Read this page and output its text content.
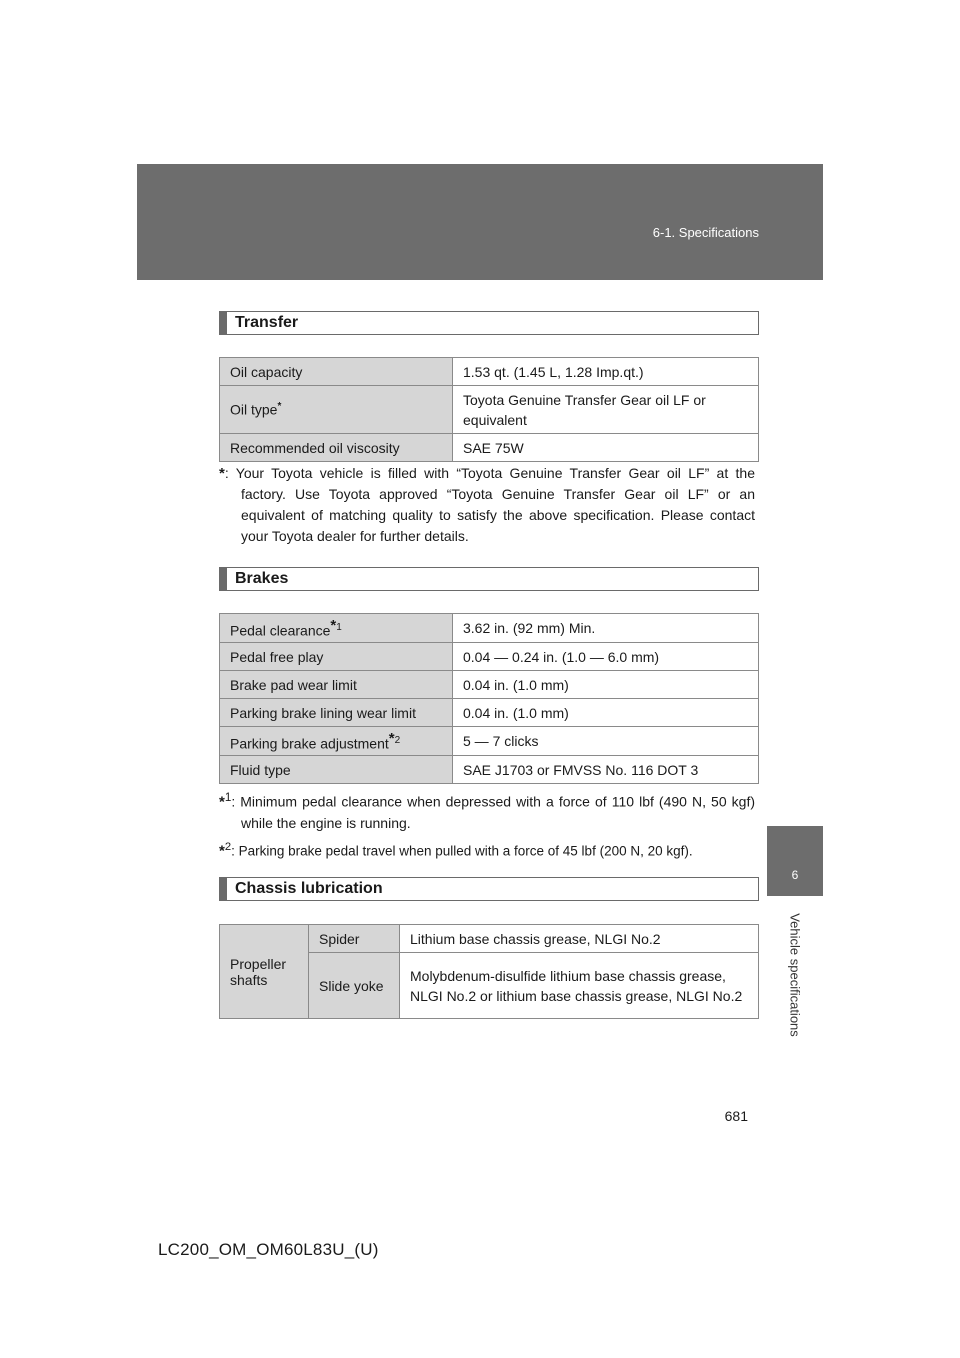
6-1. Specifications
Transfer
Oil capacity	1.53 qt. (1.45 L, 1.28 Imp.qt.)
Oil type*	Toyota Genuine Transfer Gear oil LF or equivalent
Recommended oil viscosity	SAE 75W
*: Your Toyota vehicle is filled with “Toyota Genuine Transfer Gear oil LF” at the factory. Use Toyota approved “Toyota Genuine Transfer Gear oil LF” or an equivalent of matching quality to satisfy the above specification. Please contact your Toyota dealer for further details.
Brakes
Pedal clearance$^{*1}$	3.62 in. (92 mm) Min.
Pedal free play	0.04 — 0.24 in. (1.0 — 6.0 mm)
Brake pad wear limit	0.04 in. (1.0 mm)
Parking brake lining wear limit	0.04 in. (1.0 mm)
Parking brake adjustment$^{*2}$	5 — 7 clicks
Fluid type	SAE J1703 or FMVSS No. 116 DOT 3
*$^1$: Minimum pedal clearance when depressed with a force of 110 lbf (490 N, 50 kgf) while the engine is running.
*$^2$: Parking brake pedal travel when pulled with a force of 45 lbf (200 N, 20 kgf).
Chassis lubrication
Propeller shafts	Spider	Lithium base chassis grease, NLGI No.2
	Slide yoke	Molybdenum-disulfide lithium base chassis grease, NLGI No.2 or lithium base chassis grease, NLGI No.2
6
Vehicle specifications
681
LC200_OM_OM60L83U_(U)
